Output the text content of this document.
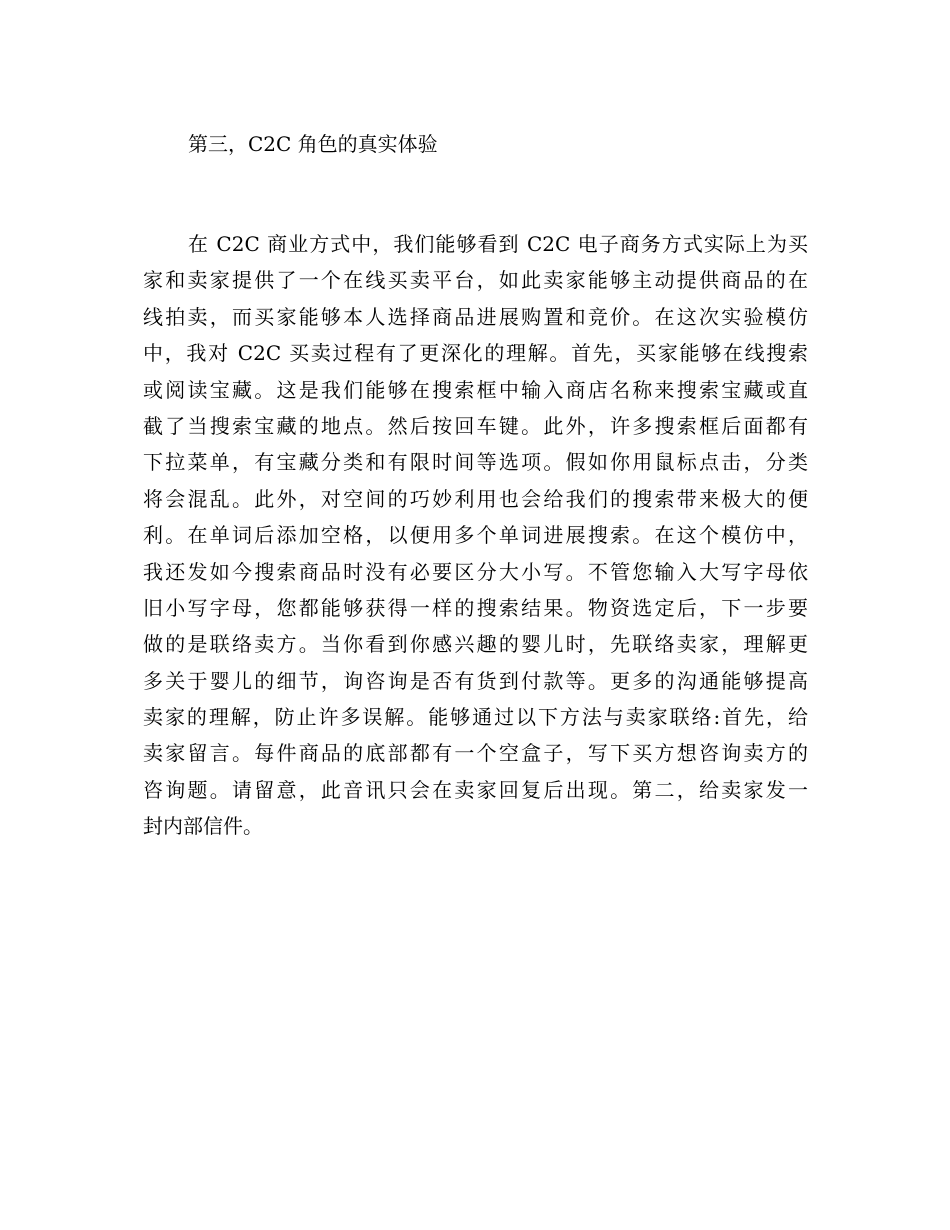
第三，C2C 角色的真实体验
在 C2C 商业方式中，我们能够看到 C2C 电子商务方式实际上为买
家和卖家提供了一个在线买卖平台，如此卖家能够主动提供商品的在
线拍卖，而买家能够本人选择商品进展购置和竞价。在这次实验模仿
中，我对 C2C 买卖过程有了更深化的理解。首先，买家能够在线搜索
或阅读宝藏。这是我们能够在搜索框中输入商店名称来搜索宝藏或直
截了当搜索宝藏的地点。然后按回车键。此外，许多搜索框后面都有
下拉菜单，有宝藏分类和有限时间等选项。假如你用鼠标点击，分类
将会混乱。此外，对空间的巧妙利用也会给我们的搜索带来极大的便
利。在单词后添加空格，以便用多个单词进展搜索。在这个模仿中，
我还发如今搜索商品时没有必要区分大小写。不管您输入大写字母依
旧小写字母，您都能够获得一样的搜索结果。物资选定后，下一步要
做的是联络卖方。当你看到你感兴趣的婴儿时，先联络卖家，理解更
多关于婴儿的细节，询咨询是否有货到付款等。更多的沟通能够提高
卖家的理解，防止许多误解。能够通过以下方法与卖家联络:首先，给
卖家留言。每件商品的底部都有一个空盒子，写下买方想咨询卖方的
咨询题。请留意，此音讯只会在卖家回复后出现。第二，给卖家发一
封内部信件。
